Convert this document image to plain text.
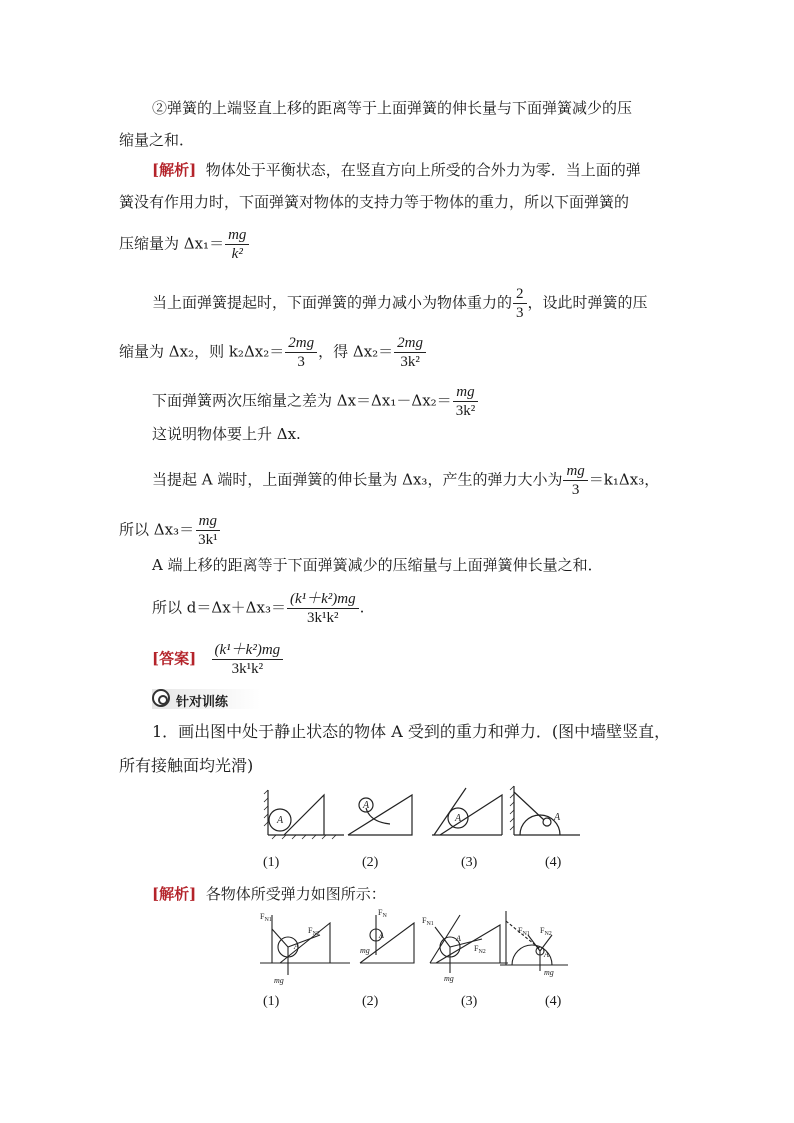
②弹簧的上端竖直上移的距离等于上面弹簧的伸长量与下面弹簧减少的压
缩量之和．
[解析] 物体处于平衡状态，在竖直方向上所受的合外力为零．当上面的弹
簧没有作用力时，下面弹簧对物体的支持力等于物体的重力，所以下面弹簧的
压缩量为 $\Delta x_1= \frac{mg}{\text{k²}}$
当上面弹簧提起时，下面弹簧的弹力减小为物体重力的 $\frac{2}{3}$ ，设此时弹簧的压
缩量为 Δx₂，则 $k_2\Delta x_2= \frac{2mg}{3}$ ，得 $\Delta x_2= \frac{2mg}{\text{3k²}}$
下面弹簧两次压缩量之差为 $\Delta x=\Delta x_1-\Delta x_2= \frac{mg}{\text{3k²}}$
这说明物体要上升 Δx.
当提起 A 端时，上面弹簧的伸长量为 Δx₃，产生的弹力大小为 $\frac{mg}{3} =k_1\Delta x_3$，
所以 $\Delta x_3= \frac{mg}{\text{3k¹}}$
A 端上移的距离等于下面弹簧减少的压缩量与上面弹簧伸长量之和．
所以 $d=\Delta x+\Delta x_3= \frac{\text{(k¹＋k²)mg}}{\text{3k¹k²}}$ .
[答案] $\frac{\text{(k¹＋k²)mg}}{\text{3k¹k²}}$
针对训练
1．画出图中处于静止状态的物体 A 受到的重力和弹力．(图中墙壁竖直，
所有接触面均光滑)
A
A
A	A
(1)	(2)	(3)	(4)
[解析] 各物体所受弹力如图所示：
$F_{N1}$
$F_{N2}$
A
mg
$F_N$
A
mg
$F_{N1}$
A
$F_{N2}$
mg
$F_{N1}$ $F_{N2}$
A
mg
(1)	(2)	(3)	(4)
